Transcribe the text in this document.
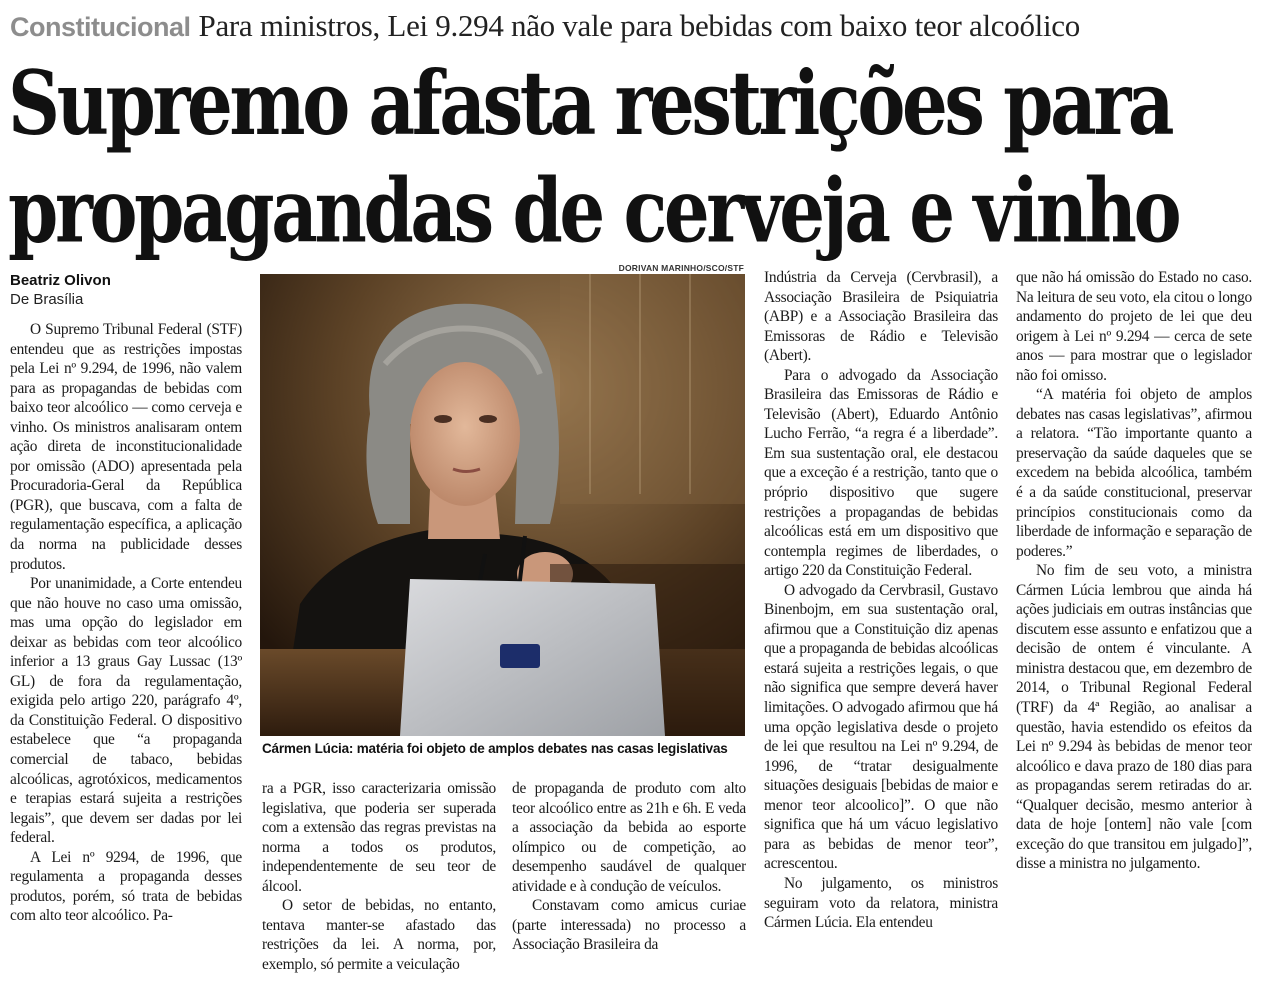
Constitucional Para ministros, Lei 9.294 não vale para bebidas com baixo teor alcoólico
Supremo afasta restrições para
propagandas de cerveja e vinho
Beatriz Olivon
De Brasília

O Supremo Tribunal Federal (STF) entendeu que as restrições impostas pela Lei nº 9.294, de 1996, não valem para as propagandas de bebidas com baixo teor alcoólico — como cerveja e vinho. Os ministros analisaram ontem ação direta de inconstitucionalidade por omissão (ADO) apresentada pela Procuradoria-Geral da República (PGR), que buscava, com a falta de regulamentação específica, a aplicação da norma na publicidade desses produtos.

Por unanimidade, a Corte entendeu que não houve no caso uma omissão, mas uma opção do legislador em deixar as bebidas com teor alcoólico inferior a 13 graus Gay Lussac (13º GL) de fora da regulamentação, exigida pelo artigo 220, parágrafo 4º, da Constituição Federal. O dispositivo estabelece que “a propaganda comercial de tabaco, bebidas alcoólicas, agrotóxicos, medicamentos e terapias estará sujeita a restrições legais”, que devem ser dadas por lei federal.

A Lei nº 9294, de 1996, que regulamenta a propaganda desses produtos, porém, só trata de bebidas com alto teor alcoólico. Pa-

DORIVAN MARINHO/SCO/STF
Cármen Lúcia: matéria foi objeto de amplos debates nas casas legislativas

ra a PGR, isso caracterizaria omissão legislativa, que poderia ser superada com a extensão das regras previstas na norma a todos os produtos, independentemente de seu teor de álcool.

O setor de bebidas, no entanto, tentava manter-se afastado das restrições da lei. A norma, por, exemplo, só permite a veiculação

de propaganda de produto com alto teor alcoólico entre as 21h e 6h. E veda a associação da bebida ao esporte olímpico ou de competição, ao desempenho saudável de qualquer atividade e à condução de veículos.

Constavam como amicus curiae (parte interessada) no processo a Associação Brasileira da

Indústria da Cerveja (Cervbrasil), a Associação Brasileira de Psiquiatria (ABP) e a Associação Brasileira das Emissoras de Rádio e Televisão (Abert).

Para o advogado da Associação Brasileira das Emissoras de Rádio e Televisão (Abert), Eduardo Antônio Lucho Ferrão, “a regra é a liberdade”. Em sua sustentação oral, ele destacou que a exceção é a restrição, tanto que o próprio dispositivo que sugere restrições a propagandas de bebidas alcoólicas está em um dispositivo que contempla regimes de liberdades, o artigo 220 da Constituição Federal.

O advogado da Cervbrasil, Gustavo Binenbojm, em sua sustentação oral, afirmou que a Constituição diz apenas que a propaganda de bebidas alcoólicas estará sujeita a restrições legais, o que não significa que sempre deverá haver limitações. O advogado afirmou que há uma opção legislativa desde o projeto de lei que resultou na Lei nº 9.294, de 1996, de “tratar desigualmente situações desiguais [bebidas de maior e menor teor alcoolico]”. O que não significa que há um vácuo legislativo para as bebidas de menor teor”, acrescentou.

No julgamento, os ministros seguiram voto da relatora, ministra Cármen Lúcia. Ela entendeu

que não há omissão do Estado no caso. Na leitura de seu voto, ela citou o longo andamento do projeto de lei que deu origem à Lei nº 9.294 — cerca de sete anos — para mostrar que o legislador não foi omisso.

“A matéria foi objeto de amplos debates nas casas legislativas”, afirmou a relatora. “Tão importante quanto a preservação da saúde daqueles que se excedem na bebida alcoólica, também é a da saúde constitucional, preservar princípios constitucionais como da liberdade de informação e separação de poderes.”

No fim de seu voto, a ministra Cármen Lúcia lembrou que ainda há ações judiciais em outras instâncias que discutem esse assunto e enfatizou que a decisão de ontem é vinculante. A ministra destacou que, em dezembro de 2014, o Tribunal Regional Federal (TRF) da 4ª Região, ao analisar a questão, havia estendido os efeitos da Lei nº 9.294 às bebidas de menor teor alcoólico e dava prazo de 180 dias para as propagandas serem retiradas do ar. “Qualquer decisão, mesmo anterior à data de hoje [ontem] não vale [com exceção do que transitou em julgado]”, disse a ministra no julgamento.
